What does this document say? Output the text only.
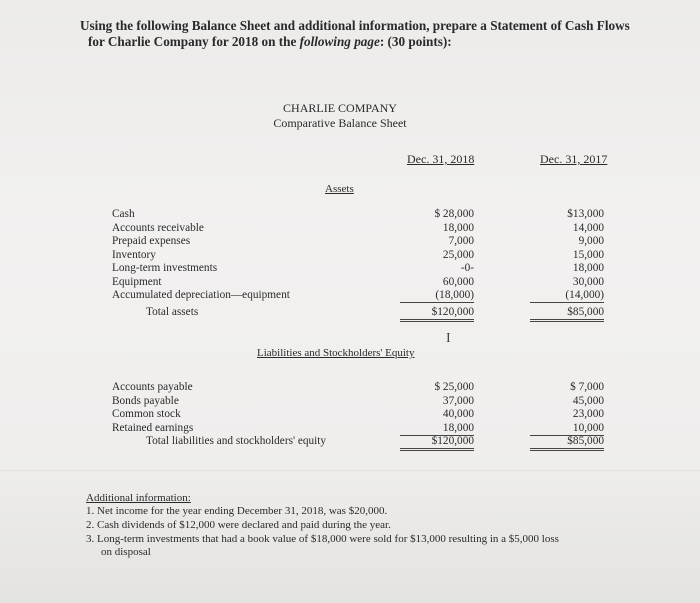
Using the following Balance Sheet and additional information, prepare a Statement of Cash Flows
for Charlie Company for 2018 on the following page: (30 points):
CHARLIE COMPANY
Comparative Balance Sheet
Dec. 31, 2018	Dec. 31, 2017
Assets
Cash	$ 28,000	$13,000
Accounts receivable	18,000	14,000
Prepaid expenses	7,000	9,000
Inventory	25,000	15,000
Long-term investments	-0-	18,000
Equipment	60,000	30,000
Accumulated depreciation—equipment	(18,000)	(14,000)
Total assets	$120,000	$85,000
I
Liabilities and Stockholders' Equity
Accounts payable	$ 25,000	$ 7,000
Bonds payable	37,000	45,000
Common stock	40,000	23,000
Retained earnings	18,000	10,000
Total liabilities and stockholders' equity	$120,000	$85,000
Additional information:
1. Net income for the year ending December 31, 2018, was $20,000.
2. Cash dividends of $12,000 were declared and paid during the year.
3. Long-term investments that had a book value of $18,000 were sold for $13,000 resulting in a $5,000 loss
on disposal
